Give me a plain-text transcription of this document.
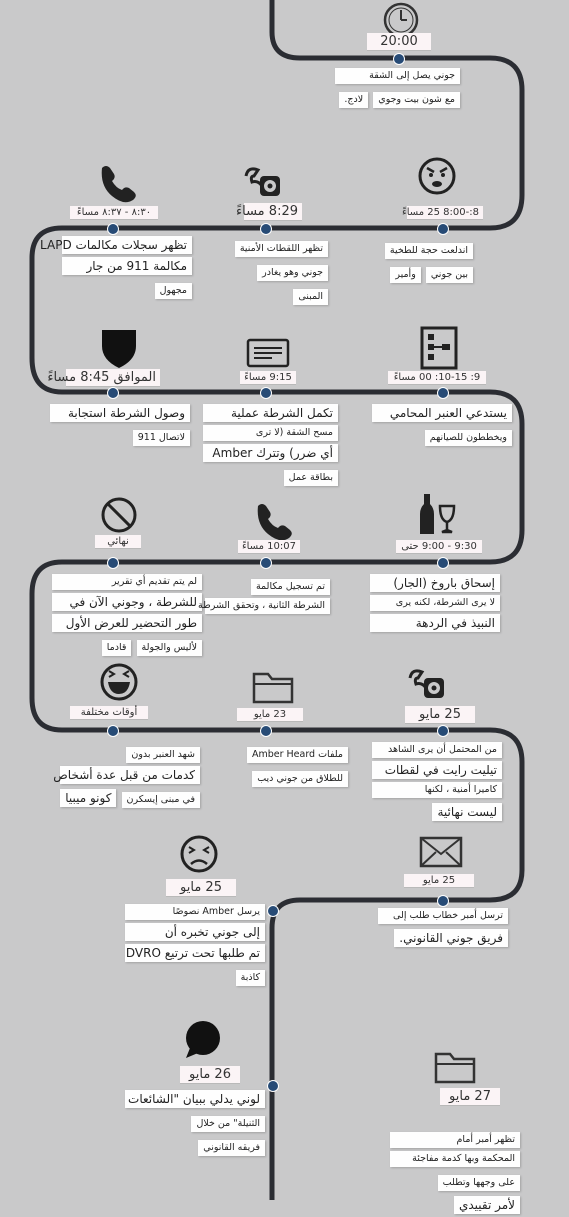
20:00
جوني يصل إلى الشقة
مع شون بيت وجوي لادج.
٨:٣٠ - ٨:٣٧ مساءً
تظهر سجلات مكالمات LAPD
مكالمة 911 من جار
مجهول
8:29 مساءً
تظهر اللقطات الأمنية جوني وهو يغادر المبنى
8:-8:00 25 مساءً
اندلعت حجة للطخية بين جوني وأمير
الموافق 8:45 مساءً
وصول الشرطة استجابة
لاتصال 911
9:15 مساءً
تكمل الشرطة عملية
مسح الشقة (لا ترى
أي ضرر) وتترك Amber
بطاقة عمل
9: 10-15: 00 مساءً
يستدعي العنبر المحامي
ويخططون للصيانهم
نهائي
لم يتم تقديم أي تقرير
للشرطة ، وجوني الآن في
طور التحضير للعرض الأول
لأليس والجولة قادما
10:07 مساءً
تم تسجيل مكالمة
الشرطة الثانية ، وتحقق الشرطة
9:30 - 9:00 حتى
إسحاق باروخ (الجار)
لا يرى الشرطة، لكنه يرى
النبيذ في الردهة
أوقات مختلفة
شهد العنبر بدون
كدمات من قبل عدة أشخاص
في مبنى إيسكرن كونو ميبيا
23 مايو
ملفات Amber Heard للطلاق من جوني ديب
25 مايو
من المحتمل أن يرى الشاهد
تيليت رايت في لقطات
كاميرا أمنية ، لكنها
ليست نهائية
25 مايو
ترسل أمبر خطاب طلب إلى
فريق جوني القانوني.
25 مايو
يرسل Amber نصوصًا
إلى جوني تخبره أن
تم طلبها تحت ترتيع DVRO
كاذبة
26 مايو
لوني يدلي ببيان "الشائعات
الثنيلة" من خلال فريقه القانوني
27 مايو
تظهر أمبر أمام
المحكمة وبها كدمة مفاجئة
على وجهها وتطلب لأمر تقييدي
